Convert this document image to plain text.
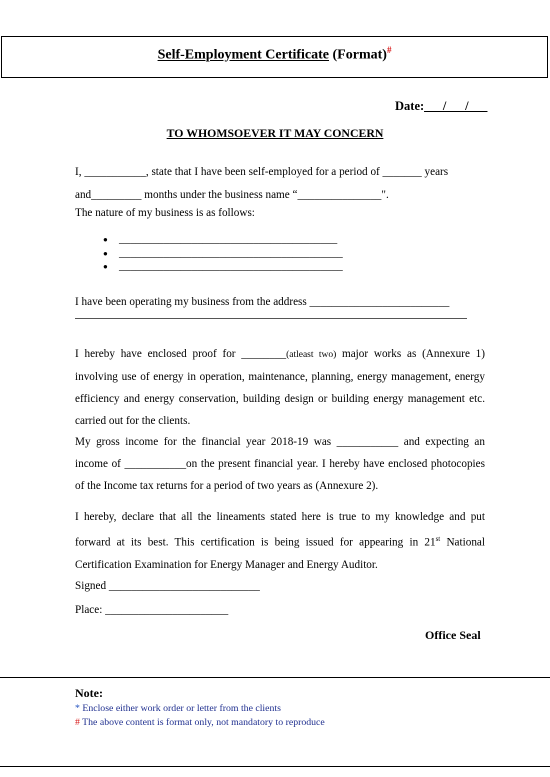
Self-Employment Certificate (Format)#
Date:___/___/___
TO WHOMSOEVER IT MAY CONCERN
I, ___________, state that I have been self-employed for a period of _______ years
and_________ months under the business name “_______________".
The nature of my business is as follows:
● _______________________________________
● ________________________________________
● ________________________________________
I have been operating my business from the address _________________________
I hereby have enclosed proof for ________(atleast two) major works as (Annexure 1) involving use of energy in operation, maintenance, planning, energy management, energy efficiency and energy conservation, building design or building energy management etc. carried out for the clients.
My gross income for the financial year 2018-19 was ___________ and expecting an income of ___________on the present financial year. I hereby have enclosed photocopies of the Income tax returns for a period of two years as (Annexure 2).
I hereby, declare that all the lineaments stated here is true to my knowledge and put forward at its best. This certification is being issued for appearing in 21st National Certification Examination for Energy Manager and Energy Auditor.
Signed ___________________________
Place: ______________________
Office Seal
Note:
* Enclose either work order or letter from the clients
# The above content is format only, not mandatory to reproduce
